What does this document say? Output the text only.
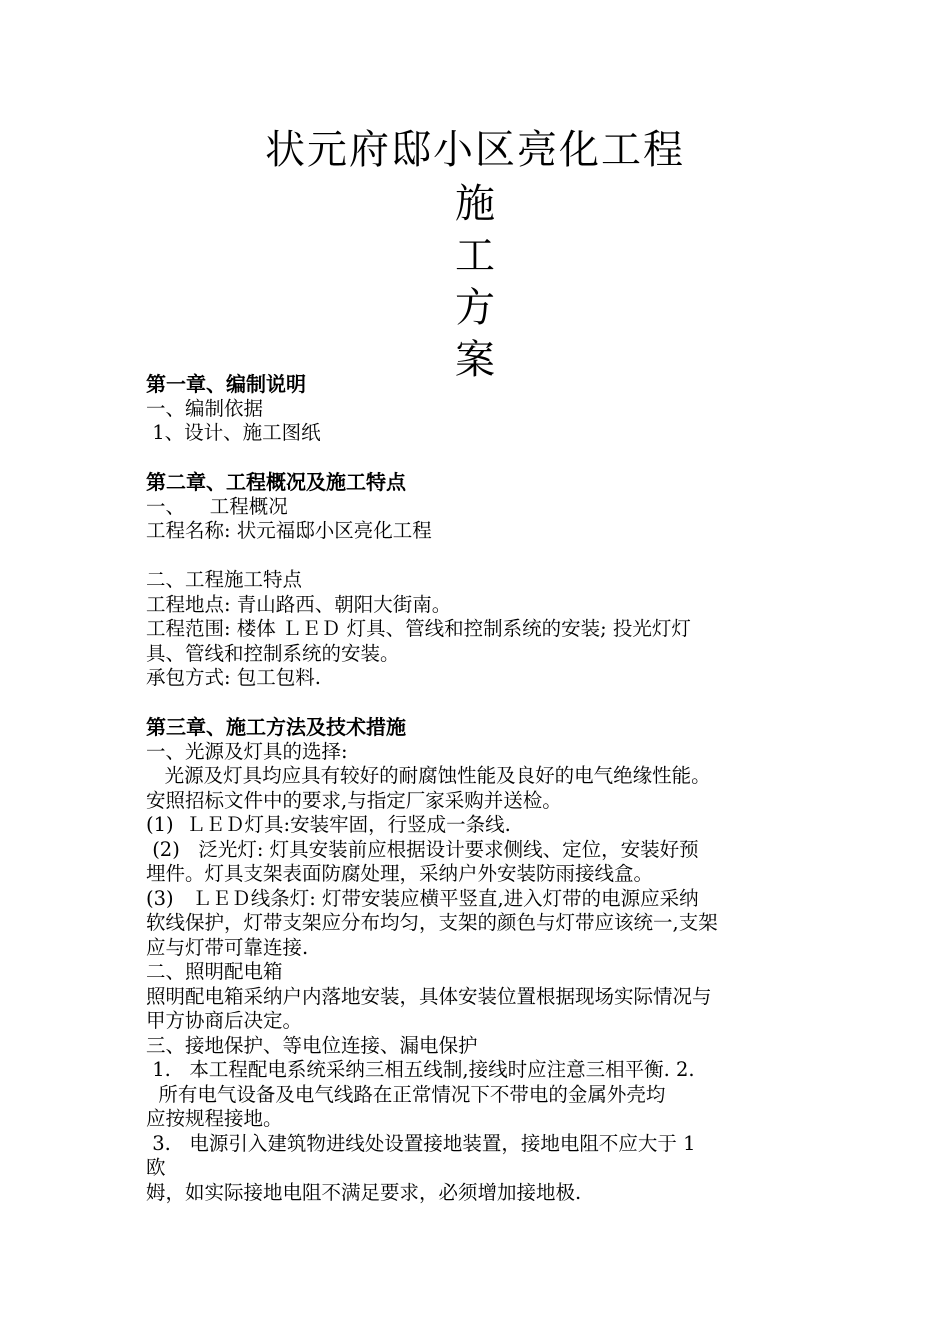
状元府邸小区亮化工程
施
工
方
案
第一章、编制说明
一、编制依据
1、设计、施工图纸
第二章、工程概况及施工特点
一、    工程概况
工程名称: 状元福邸小区亮化工程
二、工程施工特点
工程地点: 青山路西、朝阳大街南。
工程范围: 楼体 ＬＥＤ 灯具、管线和控制系统的安装; 投光灯灯
具、管线和控制系统的安装。
承包方式: 包工包料.
第三章、施工方法及技术措施
一、光源及灯具的选择:
光源及灯具均应具有较好的耐腐蚀性能及良好的电气绝缘性能。
安照招标文件中的要求,与指定厂家采购并送检。
(1)  ＬＥＤ灯具:安装牢固，行竖成一条线.
(2)   泛光灯: 灯具安装前应根据设计要求侧线、定位，安装好预
埋件。灯具支架表面防腐处理，采纳户外安装防雨接线盒。
(3)   ＬＥＤ线条灯: 灯带安装应横平竖直,进入灯带的电源应采纳
软线保护，灯带支架应分布均匀，支架的颜色与灯带应该统一,支架
应与灯带可靠连接.
二、照明配电箱
照明配电箱采纳户内落地安装，具体安装位置根据现场实际情况与
甲方协商后决定。
三、接地保护、等电位连接、漏电保护
1.   本工程配电系统采纳三相五线制,接线时应注意三相平衡. 2.
所有电气设备及电气线路在正常情况下不带电的金属外壳均
应按规程接地。
3.   电源引入建筑物进线处设置接地装置，接地电阻不应大于 1
欧
姆，如实际接地电阻不满足要求，必须增加接地极.
